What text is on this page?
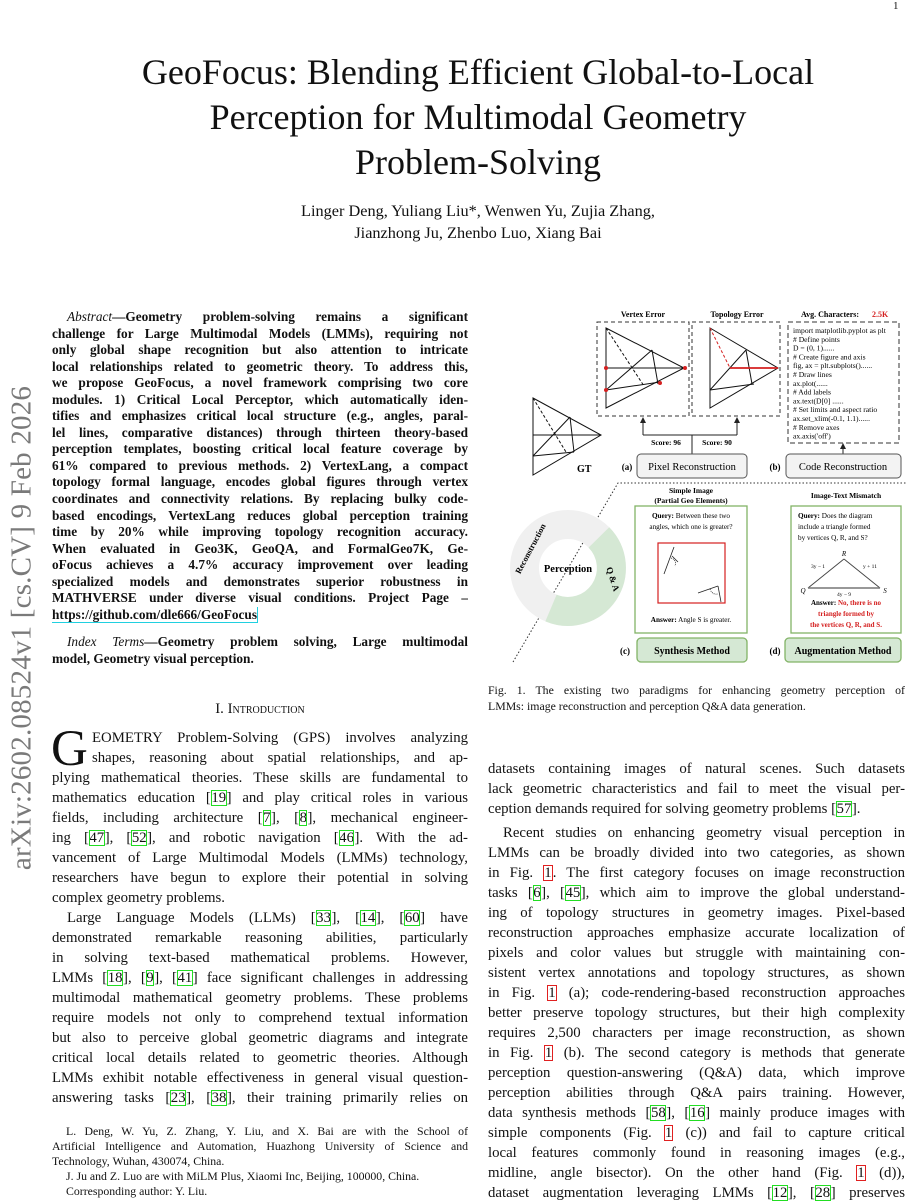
1
arXiv:2602.08524v1 [cs.CV] 9 Feb 2026
GeoFocus: Blending Efficient Global-to-Local
Perception for Multimodal Geometry
Problem-Solving
Linger Deng, Yuliang Liu*, Wenwen Yu, Zujia Zhang,
Jianzhong Ju, Zhenbo Luo, Xiang Bai
Abstract—Geometry problem-solving remains a significant
challenge for Large Multimodal Models (LMMs), requiring not
only global shape recognition but also attention to intricate
local relationships related to geometric theory. To address this,
we propose GeoFocus, a novel framework comprising two core
modules. 1) Critical Local Perceptor, which automatically iden-
tifies and emphasizes critical local structure (e.g., angles, paral-
lel lines, comparative distances) through thirteen theory-based
perception templates, boosting critical local feature coverage by
61% compared to previous methods. 2) VertexLang, a compact
topology formal language, encodes global figures through vertex
coordinates and connectivity relations. By replacing bulky code-
based encodings, VertexLang reduces global perception training
time by 20% while improving topology recognition accuracy.
When evaluated in Geo3K, GeoQA, and FormalGeo7K, Ge-
oFocus achieves a 4.7% accuracy improvement over leading
specialized models and demonstrates superior robustness in
MATHVERSE under diverse visual conditions. Project Page –
https://github.com/dle666/GeoFocus
Index Terms—Geometry problem solving, Large multimodal
model, Geometry visual perception.
I. Introduction
G EOMETRY Problem-Solving (GPS) involves analyzing
shapes, reasoning about spatial relationships, and ap-
plying mathematical theories. These skills are fundamental to
mathematics education [19] and play critical roles in various
fields, including architecture [7], [8], mechanical engineer-
ing [47], [52], and robotic navigation [46]. With the ad-
vancement of Large Multimodal Models (LMMs) technology,
researchers have begun to explore their potential in solving
complex geometry problems.
Large Language Models (LLMs) [33], [14], [60] have
demonstrated remarkable reasoning abilities, particularly
in solving text-based mathematical problems. However,
LMMs [18], [9], [41] face significant challenges in addressing
multimodal mathematical geometry problems. These problems
require models not only to comprehend textual information
but also to perceive global geometric diagrams and integrate
critical local details related to geometric theories. Although
LMMs exhibit notable effectiveness in general visual question-
answering tasks [23], [38], their training primarily relies on
L. Deng, W. Yu, Z. Zhang, Y. Liu, and X. Bai are with the School of
Artificial Intelligence and Automation, Huazhong University of Science and
Technology, Wuhan, 430074, China.
J. Ju and Z. Luo are with MiLM Plus, Xiaomi Inc, Beijing, 100000, China.
Corresponding author: Y. Liu.
datasets containing images of natural scenes. Such datasets
lack geometric characteristics and fail to meet the visual per-
ception demands required for solving geometry problems [57].
Recent studies on enhancing geometry visual perception in
LMMs can be broadly divided into two categories, as shown
in Fig. 1. The first category focuses on image reconstruction
tasks [6], [45], which aim to improve the global understand-
ing of topology structures in geometry images. Pixel-based
reconstruction approaches emphasize accurate localization of
pixels and color values but struggle with maintaining con-
sistent vertex annotations and topology structures, as shown
in Fig. 1 (a); code-rendering-based reconstruction approaches
better preserve topology structures, but their high complexity
requires 2,500 characters per image reconstruction, as shown
in Fig. 1 (b). The second category is methods that generate
perception question-answering (Q&A) data, which improve
perception abilities through Q&A pairs training. However,
data synthesis methods [58], [16] mainly produce images with
simple components (Fig. 1 (c)) and fail to capture critical
local features commonly found in reasoning images (e.g.,
midline, angle bisector). On the other hand (Fig. 1 (d)),
dataset augmentation leveraging LMMs [12], [28] preserves
Vertex Error	Topology Error	Avg. Characters: 2.5K
GT
import matplotlib.pyplot as plt
# Define points
D = (0, 1)......
# Create figure and axis
fig, ax = plt.subplots()......
# Draw lines
ax.plot(......
# Add labels
ax.text(D[0] ......
# Set limits and aspect ratio
ax.set_xlim(-0.1, 1.1)......
# Remove axes
ax.axis('off')
Score: 96	Score: 90
(a) Pixel Reconstruction	(b) Code Reconstruction
Perception
Reconstruction
Q & A
Simple Image
(Partial Geo Elements)
Query: Between these two
angles, which one is greater?
Answer: Angle S is greater.
(c) Synthesis Method
Image-Text Mismatch
Query: Does the diagram
include a triangle formed
by vertices Q, R, and S?
R
Q	S
3y − 1	y + 11
4y − 9
Answer: No, there is no
triangle formed by
the vertices Q, R, and S.
(d) Augmentation Method
Fig. 1. The existing two paradigms for enhancing geometry perception of
LMMs: image reconstruction and perception Q&A data generation.
